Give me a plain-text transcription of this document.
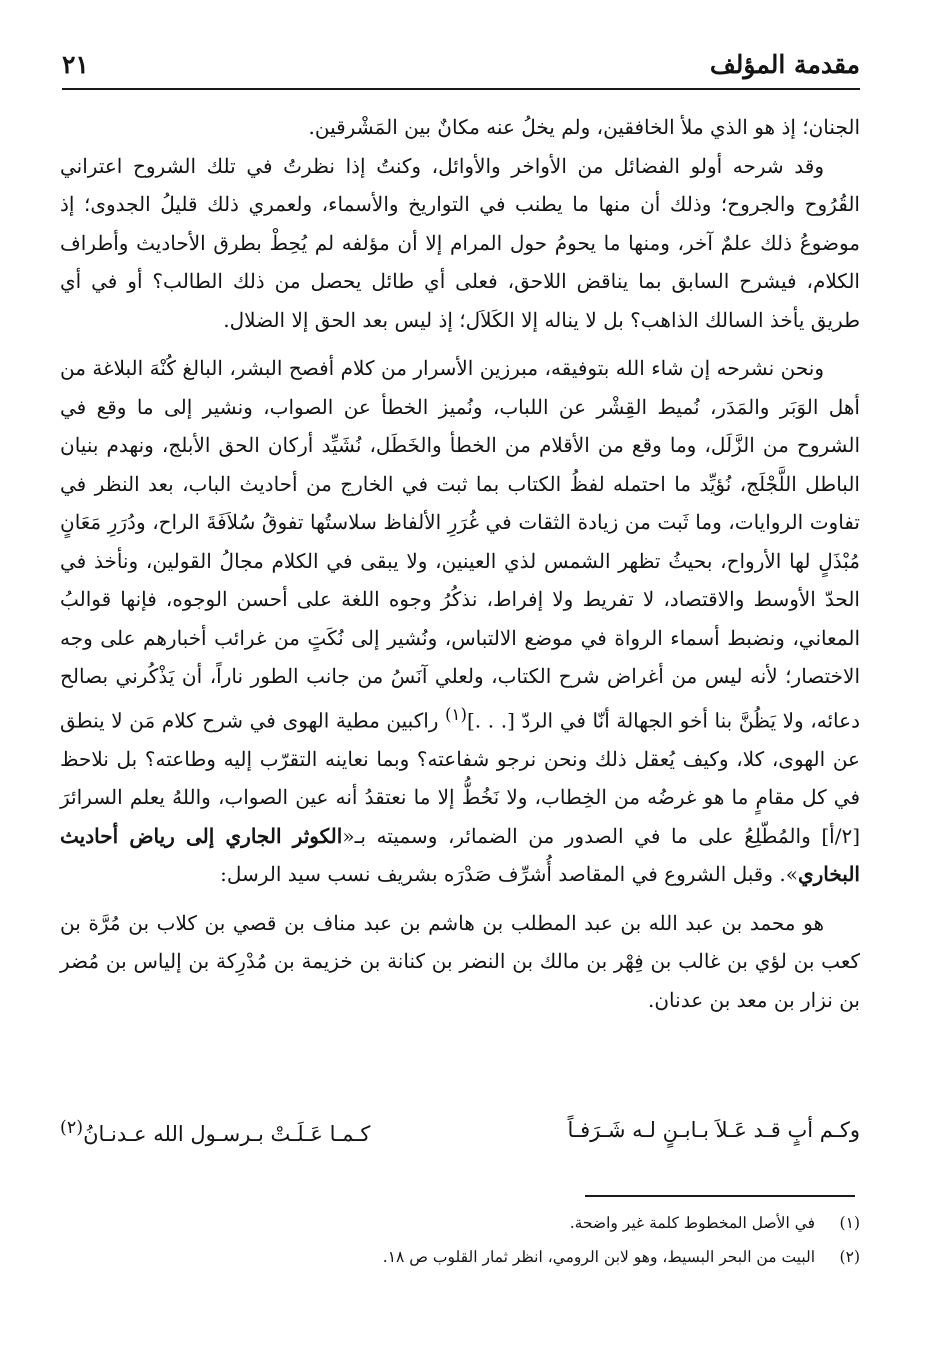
مقدمة المؤلف
٢١

الجنان؛ إذ هو الذي ملأ الخافقين، ولم يخلُ عنه مكانٌ بين المَشْرقين.

وقد شرحه أولو الفضائل من الأواخر والأوائل، وكنتُ إذا نظرتُ في تلك الشروح اعتراني القُرُوح والجروح؛ وذلك أن منها ما يطنب في التواريخ والأسماء، ولعمري ذلك قليلُ الجدوى؛ إذ موضوعُ ذلك علمٌ آخر، ومنها ما يحومُ حول المرام إلا أن مؤلفه لم يُحِطْ بطرق الأحاديث وأطراف الكلام، فيشرح السابق بما يناقض اللاحق، فعلى أي طائل يحصل من ذلك الطالب؟ أو في أي طريق يأخذ السالك الذاهب؟ بل لا يناله إلا الكَلاَل؛ إذ ليس بعد الحق إلا الضلال.

ونحن نشرحه إن شاء الله بتوفيقه، مبرزين الأسرار من كلام أفصح البشر، البالغ كُنْهَ البلاغة من أهل الوَبَر والمَدَر، نُميط القِشْر عن اللباب، ونُميز الخطأ عن الصواب، ونشير إلى ما وقع في الشروح من الزَّلَل، وما وقع من الأقلام من الخطأ والخَطَل، نُشَيِّد أركان الحق الأبلج، ونهدم بنيان الباطل اللَّجْلَج، نُؤيِّد ما احتمله لفظُ الكتاب بما ثبت في الخارج من أحاديث الباب، بعد النظر في تفاوت الروايات، وما ثَبت من زيادة الثقات في غُرَرِ الألفاظ سلاستُها تفوقُ سُلاَفَةَ الراح، ودُرَرِ مَعَانٍ مُبْذَلٍ لها الأرواح، بحيثُ تظهر الشمس لذي العينين، ولا يبقى في الكلام مجالُ القولين، ونأخذ في الحدّ الأوسط والاقتصاد، لا تفريط ولا إفراط، نذكُرُ وجوه اللغة على أحسن الوجوه، فإنها قوالبُ المعاني، ونضبط أسماء الرواة في موضع الالتباس، ونُشير إلى نُكَتٍ من غرائب أخبارهم على وجه الاختصار؛ لأنه ليس من أغراض شرح الكتاب، ولعلي آنَسُ من جانب الطور ناراً، أن يَذْكُرني بصالح دعائه، ولا يَظُنَّ بنا أخو الجهالة أنّا في الردّ [. . .]$^{(١)}$ راكبين مطية الهوى في شرح كلام مَن لا ينطق عن الهوى، كلا، وكيف يُعقل ذلك ونحن نرجو شفاعته؟ وبما نعاينه التقرّب إليه وطاعته؟ بل نلاحظ في كل مقامٍ ما هو غرضُه من الخِطاب، ولا نَخُطُّ إلا ما نعتقدُ أنه عين الصواب، واللهُ يعلم السرائرَ [٢/أ] والمُطّلِعُ على ما في الصدور من الضمائر، وسميته بـ«الكوثر الجاري إلى رياض أحاديث البخاري». وقبل الشروع في المقاصد أُشرِّف صَدْرَه بشريف نسب سيد الرسل:

هو محمد بن عبد الله بن عبد المطلب بن هاشم بن عبد مناف بن قصي بن كلاب بن مُرَّة بن كعب بن لؤي بن غالب بن فِهْر بن مالك بن النضر بن كنانة بن خزيمة بن مُدْرِكة بن إلياس بن مُضر بن نزار بن معد بن عدنان.

وكـم أبٍ قـد عَـلاَ بـابـنٍ لـه شَـرَفـاً
كـمـا عَـلَـتْ بـرسـول الله عـدنـانُ$^{(٢)}$
(١) في الأصل المخطوط كلمة غير واضحة.
(٢) البيت من البحر البسيط، وهو لابن الرومي، انظر ثمار القلوب ص ١٨.
